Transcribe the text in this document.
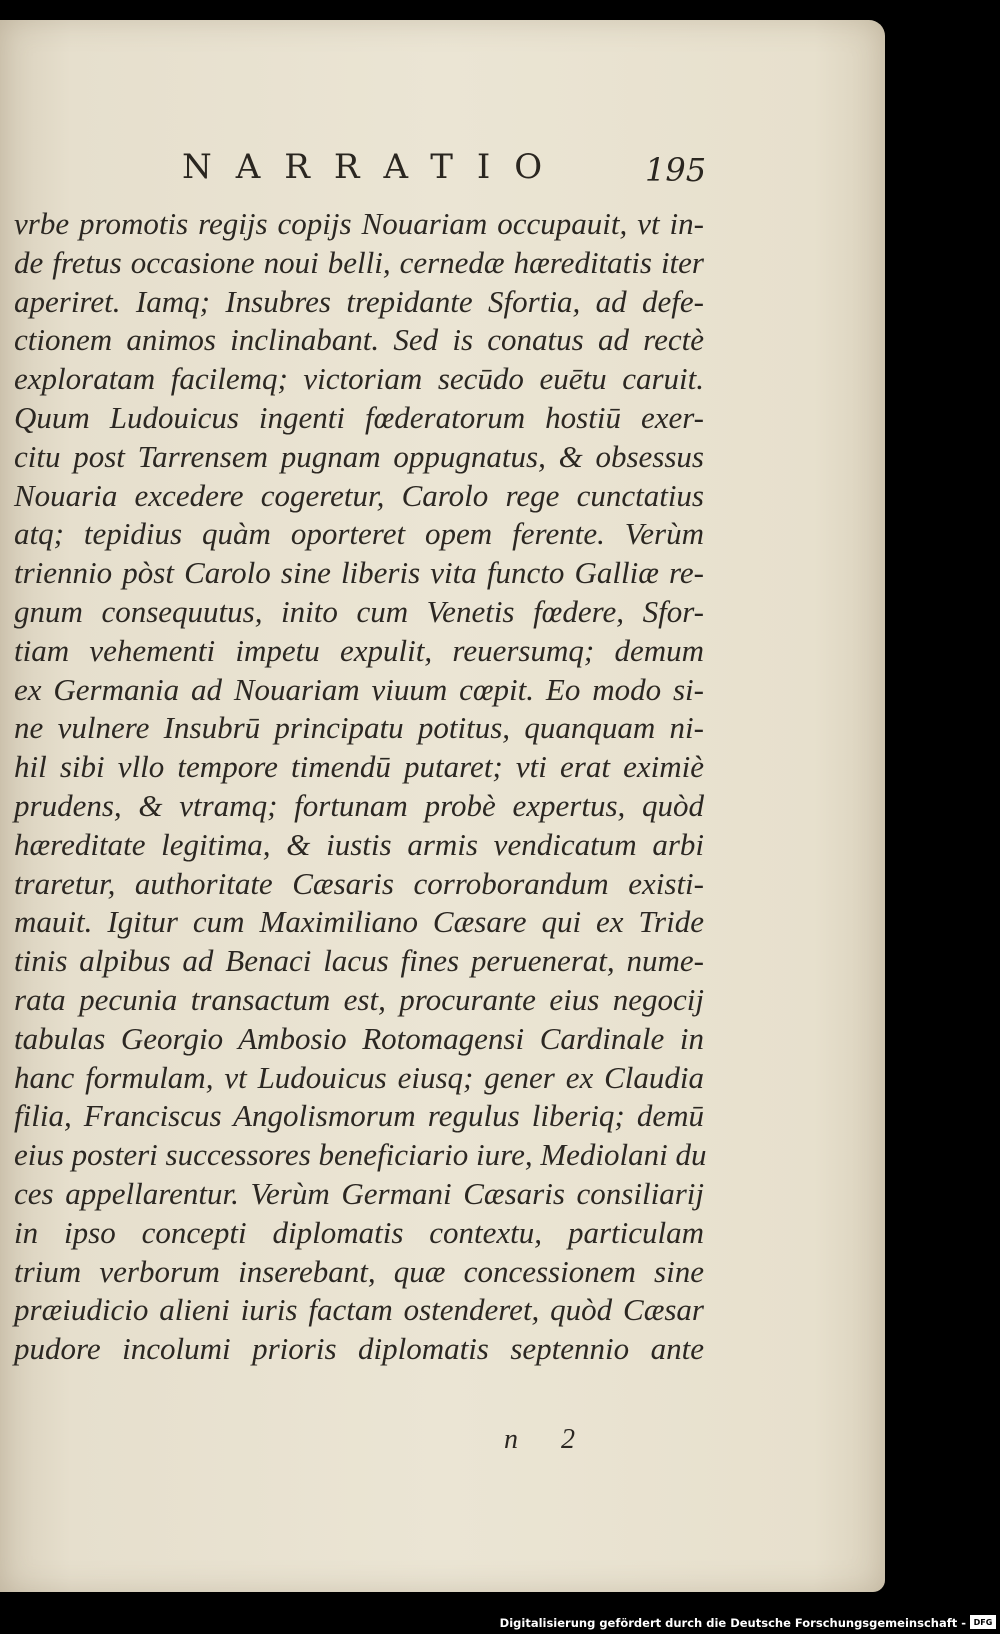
NARRATIO 195
vrbe promotis regijs copijs Nouariam occupauit, vt in-
de fretus occasione noui belli, cernedæ hæreditatis iter
aperiret. Iamq; Insubres trepidante Sfortia, ad defe-
ctionem animos inclinabant. Sed is conatus ad rectè
exploratam facilemq; victoriam secūdo euētu caruit.
Quum Ludouicus ingenti fœderatorum hostiū exer-
citu post Tarrensem pugnam oppugnatus, & obsessus
Nouaria excedere cogeretur, Carolo rege cunctatius
atq; tepidius quàm oporteret opem ferente. Verùm
triennio pòst Carolo sine liberis vita functo Galliæ re-
gnum consequutus, inito cum Venetis fœdere, Sfor-
tiam vehementi impetu expulit, reuersumq; demum
ex Germania ad Nouariam viuum cœpit. Eo modo si-
ne vulnere Insubrū principatu potitus, quanquam ni-
hil sibi vllo tempore timendū putaret; vti erat eximiè
prudens, & vtramq; fortunam probè expertus, quòd
hæreditate legitima, & iustis armis vendicatum arbi
traretur, authoritate Cæsaris corroborandum existi-
mauit. Igitur cum Maximiliano Cæsare qui ex Tride
tinis alpibus ad Benaci lacus fines peruenerat, nume-
rata pecunia transactum est, procurante eius negocij
tabulas Georgio Ambosio Rotomagensi Cardinale in
hanc formulam, vt Ludouicus eiusq; gener ex Claudia
filia, Franciscus Angolismorum regulus liberiq; demū
eius posteri successores beneficiario iure, Mediolani du
ces appellarentur. Verùm Germani Cæsaris consiliarij
in ipso concepti diplomatis contextu, particulam
trium verborum inserebant, quæ concessionem sine
præiudicio alieni iuris factam ostenderet, quòd Cæsar
pudore incolumi prioris diplomatis septennio ante
n 2
Digitalisierung gefördert durch die Deutsche Forschungsgemeinschaft - DFG
